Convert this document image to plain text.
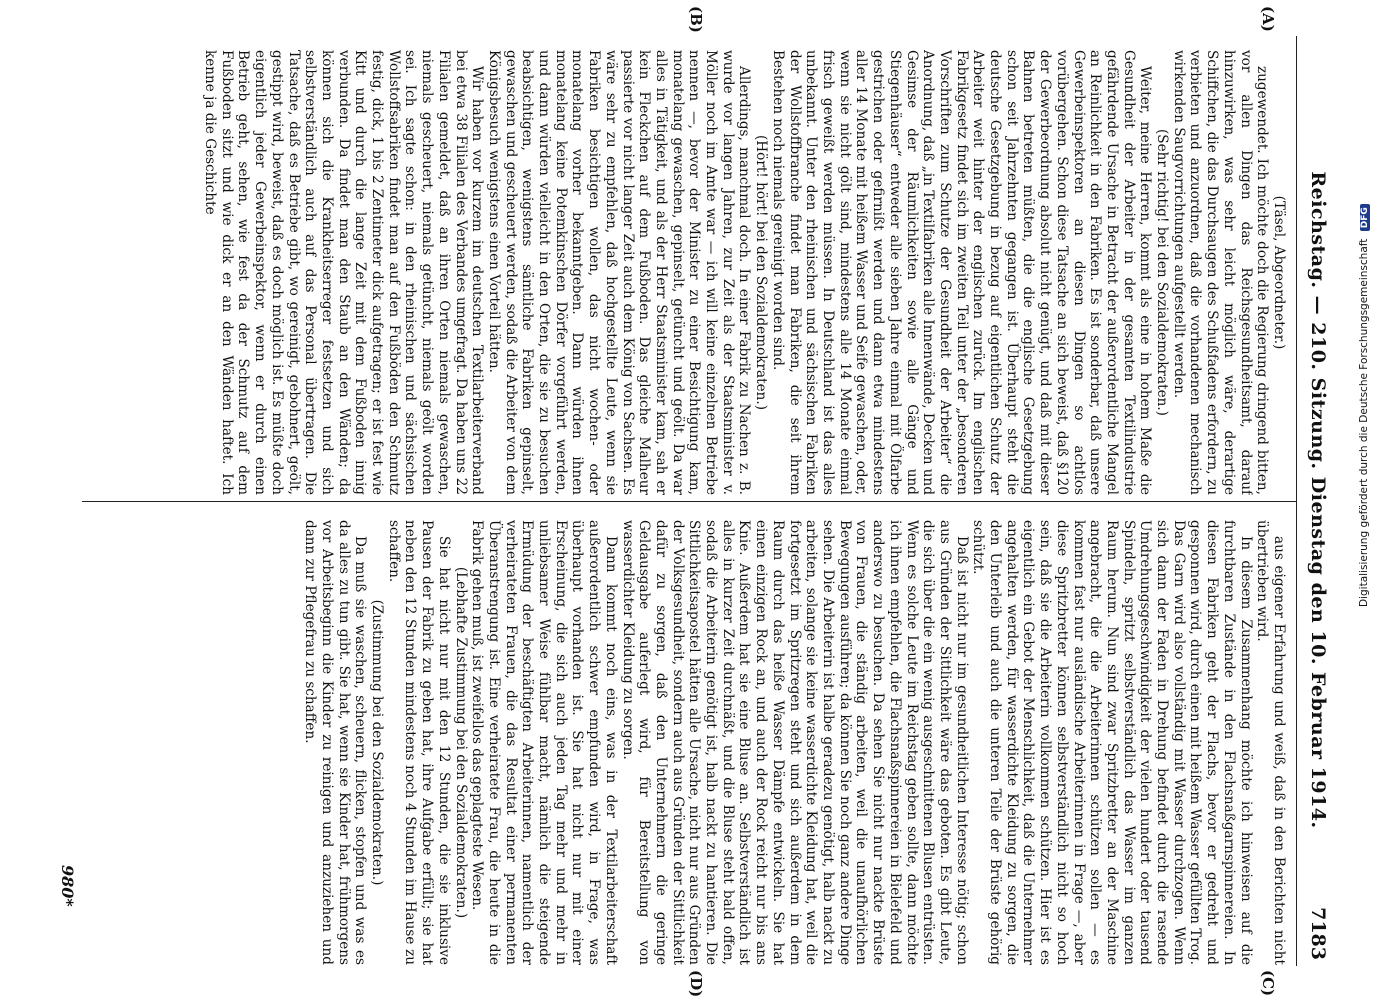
Reichstag. — 210. Sitzung. Dienstag den 10. Februar 1914.
7183
(A)
(B)
(C)
(D)

(Täsel, Abgeordneter.)

zugewendet. Ich möchte doch die Regierung dringend bitten, vor allen Dingen das Reichsgesundheitsamt, darauf hinzuwirken, was sehr leicht möglich wäre, derartige Schiffchen, die das Durchsaugen des Schußfadens erfordern, zu verbieten und anzuordnen, daß die vorhandenen mechanisch wirkenden Saugvorrichtungen aufgestellt werden.

(Sehr richtig! bei den Sozialdemokraten.)

Weiter, meine Herren, kommt als eine in hohem Maße die Gesundheit der Arbeiter in der gesamten Textilindustrie gefährdende Ursache in Betracht der außerordentliche Mangel an Reinlichkeit in den Fabriken. Es ist sonderbar, daß unsere Gewerbeinspektoren an diesen Dingen so achtlos vorübergehen. Schon diese Tatsache an sich beweist, daß §120 der Gewerbeordnung absolut nicht genügt, und daß mit dieser Bahnen betreten müßten, die die englische Gesetzgebung schon seit Jahrzehnten gegangen ist. Überhaupt steht die deutsche Gesetzgebung in bezug auf eigentlichen Schutz der Arbeiter weit hinter der englischen zurück. Im englischen Fabrikgesetz findet sich im zweiten Teil unter der „besonderen Vorschriften zum Schutze der Gesundheit der Arbeiter“ die Anordnung, daß „in Textilfabriken alle Innenwände, Decken und Gesimse der Räumlichkeiten sowie alle Gänge und Stiegenhäuser“ entweder alle sieben Jahre einmal mit Ölfarbe gestrichen oder gefirnißt werden und dann etwa mindestens aller 14 Monate mit heißem Wasser und Seife gewaschen, oder, wenn sie nicht gölt sind, mindestens alle 14 Monate einmal frisch geweißt werden müssen. In Deutschland ist das alles unbekannt. Unter den rheinischen und sächsischen Fabriken der Wollstoffbranche findet man Fabriken, die seit ihrem Bestehen noch niemals gereinigt worden sind.

(Hört! hört! bei den Sozialdemokraten.)

Allerdings, manchmal doch. In einer Fabrik zu Nachen z. B. wurde vor langen Jahren, zur Zeit als der Staatsminister v. Möller noch im Amte war — ich will keine einzelnen Betriebe nennen —, bevor der Minister zu einer Besichtigung kam, monatelang gewaschen, gepinselt, getüncht und geölt. Da war alles in Tätigkeit, und als der Herr Staatsminister kam, sah er kein Fleckchen auf dem Fußboden. Das gleiche Malheur passierte vor nicht langer Zeit auch dem König von Sachsen. Es wäre sehr zu empfehlen, daß hochgestellte Leute, wenn sie Fabriken besichtigen wollen, das nicht wochen- oder monatelang vorher bekanntgeben. Dann würden ihnen monatelang keine Potemkinschen Dörfer vorgeführt werden, und dann würden vielleicht in den Orten, die sie zu besuchen beabsichtigen, wenigstens sämtliche Fabriken gepinselt, gewaschen und gescheuert werden, sodaß die Arbeiter von dem Königsbesuch wenigstens einen Vorteil hätten.

Wir haben vor kurzem im deutschen Textilarbeiterverband bei etwa 38 Filialen des Verbandes umgefragt. Da haben uns 22 Filialen gemeldet, daß an ihren Orten niemals gewaschen, niemals gescheuert, niemals getüncht, niemals geölt worden sei. Ich sagte schon: in den rheinischen und sächsischen Wollstoffsabriken findet man auf den Fußböden den Schmutz festig, dick, 1 bis 2 Zentimeter dick aufgetragen; er ist fest wie Kitt und durch die lange Zeit mit dem Fußboden innig verbunden. Da findet man den Staub an den Wänden; da können sich die Krankheitserreger festsetzen und sich selbstverständlich auch auf das Personal übertragen. Die Tatsache, daß es Betriebe gibt, wo gereinigt, gebohnert, geölt, gestippt wird, beweist, daß es doch möglich ist. Es müßte doch eigentlich jeder Gewerbeinspektor, wenn er durch einen Betrieb geht, sehen, wie fest da der Schmutz auf dem Fußboden sitzt und wie dick er an den Wänden haftet. Ich kenne ja die Geschichte

aus eigener Erfahrung und weiß, daß in den Berichten nicht übertrieben wird.

In diesem Zusammenhang möchte ich hinweisen auf die furchtbaren Zustände in den Flachsnaßgarnspinnereien. In diesen Fabriken geht der Flachs, bevor er gedreht und gesponnen wird, durch einen mit heißem Wasser gefüllten Trog. Das Garn wird also vollständig mit Wasser durchzogen. Wenn sich dann der Faden in Drehung befindet durch die rasende Umdrehungsgeschwindigkeit der vielen hundert oder tausend Spindeln, spritzt selbstverständlich das Wasser im ganzen Raum herum. Nun sind zwar Spritzbretter an der Maschine angebracht, die die Arbeiterinnen schützen sollen — es kommen fast nur ausländische Arbeiterinnen in Frage —, aber diese Spritzbretter können selbstverständlich nicht so hoch sein, daß sie die Arbeiterin vollkommen schützen. Hier ist es eigentlich ein Gebot der Menschlichkeit, daß die Unternehmer angehalten werden, für wasserdichte Kleidung zu sorgen, die den Unterleib und auch die unteren Teile der Brüste gehörig schützt.

Daß ist nicht nur im gesundheitlichen Interesse nötig; schon aus Gründen der Sittlichkeit wäre das geboten. Es gibt Leute, die sich über die ein wenig ausgeschnittenen Blusen entrüsten. Wenn es solche Leute im Reichstag geben sollte, dann möchte ich ihnen empfehlen, die Flachsnaßspinnereien in Bielefeld und anderswo zu besuchen. Da sehen Sie nicht nur nackte Brüste von Frauen, die ständig arbeiten, weil die unaufhörlichen Bewegungen ausführen; da können Sie noch ganz andere Dinge sehen. Die Arbeiterin ist halbe geradezu genötigt, halb nackt zu arbeiten, solange sie keine wasserdichte Kleidung hat, weil die fortgesetzt im Spritzregen steht und sich außerdem in dem Raum durch das heiße Wasser Dämpfe entwickeln. Sie hat einen einzigen Rock an, und auch der Rock reicht nur bis ans Knie. Außerdem hat sie eine Bluse an. Selbstverständlich ist alles in kurzer Zeit durchnäßt, und die Bluse steht bald offen, sodaß die Arbeiterin genötigt ist, halb nackt zu hantieren. Die Sittlichkeitsapostel hätten alle Ursache, nicht nur aus Gründen der Volksgesundheit, sondern auch aus Gründen der Sittlichkeit dafür zu sorgen, daß den Unternehmern die geringe Geldausgabe auferlegt wird, für Bereitstellung von wasserdichter Kleidung zu sorgen.

Dann kommt noch eins, was in der Textilarbeiterschaft außerordentlich schwer empfunden wird, in Frage, was überhaupt vorhanden ist. Sie hat nicht nur mit einer Erscheinung, die sich auch jeden Tag mehr und mehr in unliebsamer Weise fühlbar macht, nämlich die steigende Ermüdung der beschäftigten Arbeiterinnen, namentlich der verheirateten Frauen, die das Resultat einer permanenten Überanstrengung ist. Eine verheiratete Frau, die heute in die Fabrik gehen muß, ist zweifellos das geplagteste Wesen.

(Lebhafte Zustimmung bei den Sozialdemokraten.)

Sie hat nicht nur mit den 12 Stunden, die sie inklusive Pausen der Fabrik zu geben hat, ihre Aufgabe erfüllt; sie hat neben den 12 Stunden mindestens noch 4 Stunden im Hause zu schaffen.

(Zustimmung bei den Sozialdemokraten.)

Da muß sie waschen, scheuern, flicken, stopfen und was es da alles zu tun gibt. Sie hat, wenn sie Kinder hat, frühmorgens vor Arbeitsbeginn die Kinder zu reinigen und anzuziehen und dann zur Pflegefrau zu schaffen.

980*
Digitalisierung gefördert durch die Deutsche Forschungsgemeinschaft DFG
